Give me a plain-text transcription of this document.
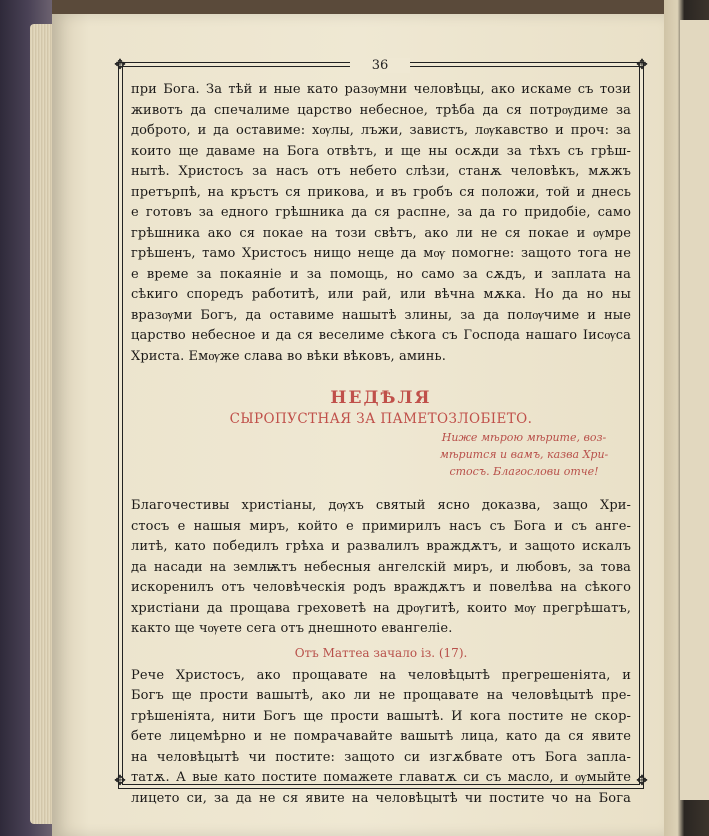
✥	✥
✥	✥
36
при Бога. За тѣй и ные като разѹмни человѣцы, ако искаме съ този
животъ да спечалиме царство небесное, трѣба да ся потрѹдиме за
доброто, и да оставиме: хѹлы, лъжи, завистъ, лѹкавство и проч: за
които ще даваме на Бога отвѣтъ, и ще ны осѫди за тѣхъ съ грѣш-
нытѣ. Христосъ за насъ отъ небето слѣзи, станѫ человѣкъ, мѫжъ
претърпѣ, на кръстъ ся прикова, и въ гробъ ся положи, той и днесь
е готовъ за едного грѣшника да ся распне, за да го придобіе, само
грѣшника ако ся покае на този свѣтъ, ако ли не ся покае и ѹмре
грѣшенъ, тамо Христосъ нищо неще да мѹ помогне: защото тога не
е време за покаяніе и за помощь, но само за сѫдъ, и заплата на
сѣкиго споредъ работитѣ, или рай, или вѣчна мѫка. Но да но ны
вразѹми Богъ, да оставиме нашытѣ злины, за да полѹчиме и ные
царство небесное и да ся веселиме сѣкога съ Господа нашаго Іисѹса
Христа. Емѹже слава во вѣки вѣковъ, аминь.
НЕДѢЛЯ
СЫРОПУСТНАЯ ЗА ПАМЕТОЗЛОБІЕТО.
Ниже мѣрою мѣрите, воз-
мѣрится и вамъ, казва Хри-
стосъ. Благослови отче!
Благочестивы христіаны, дѹхъ святый ясно доказва, защо Хри-
стосъ е нашыя миръ, който е примирилъ насъ съ Бога и съ ангe-
литѣ, като победилъ грѣха и развалилъ враждѫтъ, и защото искалъ
да насади на землѭтъ небесныя ангелскій миръ, и любовъ, за това
искоренилъ отъ человѣческія родъ враждѫтъ и повелѣва на сѣкого
христіани да прощава греховетѣ на дрѹгитѣ, които мѹ прегрѣшатъ,
както ще чѹете сега отъ днешното евангеліе.
Отъ Маттеа зачало із. (17).
Рече Христосъ, ако прощавате на человѣцытѣ прегрешеніята, и
Богъ ще прости вашытѣ, ако ли не прощавате на человѣцытѣ пре-
грѣшеніята, нити Богъ ще прости вашытѣ. И кога постите не скор-
бете лицемѣрно и не помрачавайте вашытѣ лица, като да ся явите
на человѣцытѣ чи постите: защото си изгѫбвате отъ Бога запла-
татѫ. А вые като постите помажете главатѫ си съ масло, и ѹмыйте
лицето си, за да не ся явите на человѣцытѣ чи постите чо на Бога
